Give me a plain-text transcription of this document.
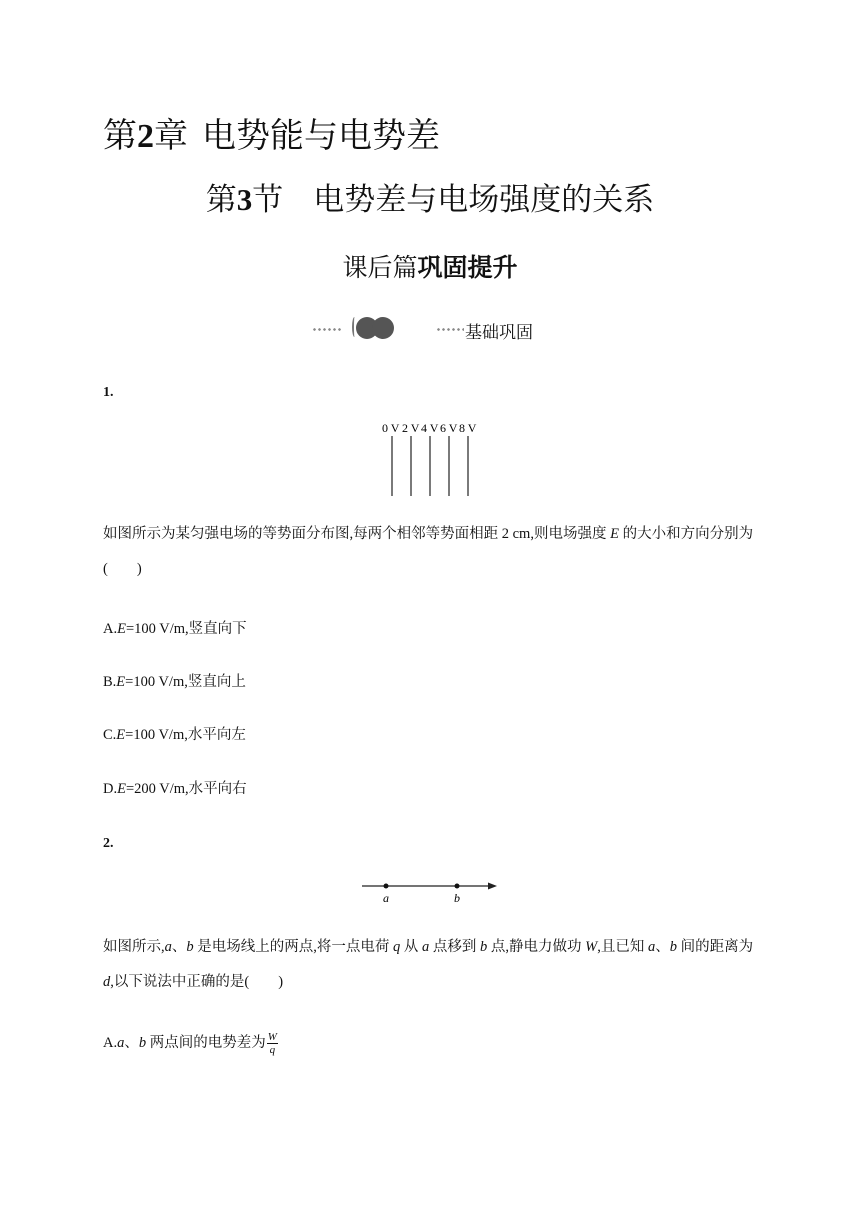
第2章 电势能与电势差
第3节 电势差与电场强度的关系
课后篇巩固提升
基础巩固
1.
0 V 2 V 4 V 6 V 8 V
如图所示为某匀强电场的等势面分布图,每两个相邻等势面相距 2 cm,则电场强度 E 的大小和方向分别为(　　)
A.E=100 V/m,竖直向下
B.E=100 V/m,竖直向上
C.E=100 V/m,水平向左
D.E=200 V/m,水平向右
2.
a	b
如图所示,a、b 是电场线上的两点,将一点电荷 q 从 a 点移到 b 点,静电力做功 W,且已知 a、b 间的距离为 d,以下说法中正确的是(　　)
A.a、b 两点间的电势差为 $\frac{W}{q}$
